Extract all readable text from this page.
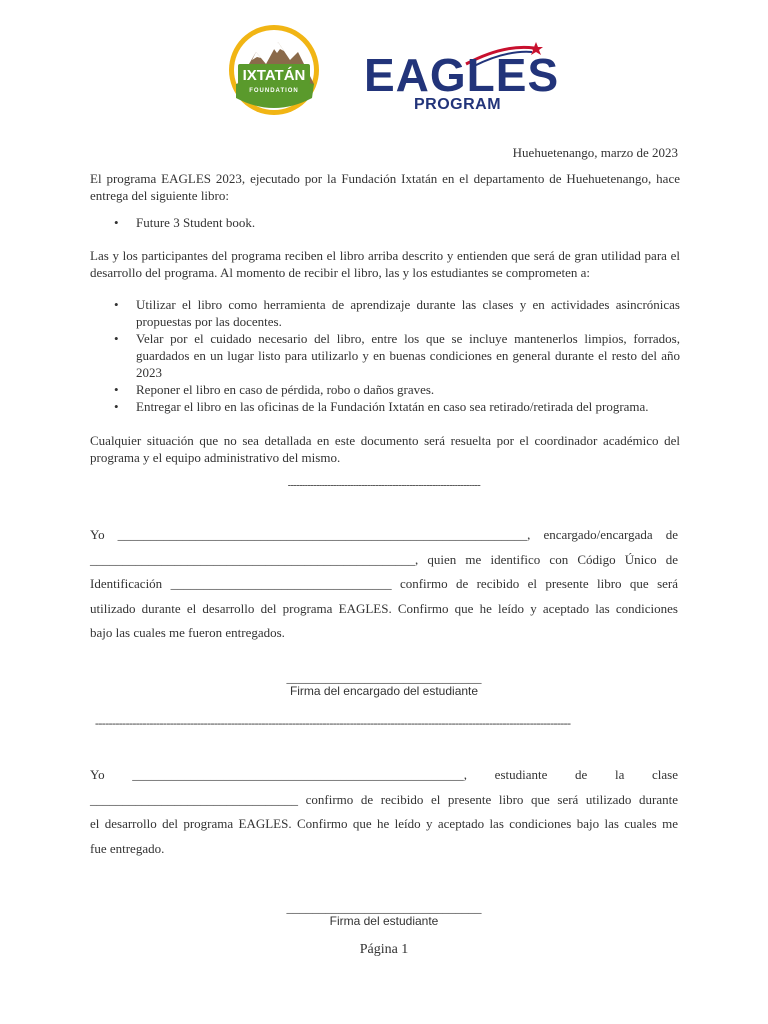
IXTATÁN
FOUNDATION EAGLES
PROGRAM
Huehuetenango, marzo de 2023
El programa EAGLES 2023, ejecutado por la Fundación Ixtatán en el departamento de Huehuetenango, hace entrega del siguiente libro:
• Future 3 Student book.
Las y los participantes del programa reciben el libro arriba descrito y entienden que será de gran utilidad para el desarrollo del programa. Al momento de recibir el libro, las y los estudiantes se comprometen a:
• Utilizar el libro como herramienta de aprendizaje durante las clases y en actividades asincrónicas propuestas por las docentes.
• Velar por el cuidado necesario del libro, entre los que se incluye mantenerlos limpios, forrados, guardados en un lugar listo para utilizarlo y en buenas condiciones en general durante el resto del año 2023
• Reponer el libro en caso de pérdida, robo o daños graves.
• Entregar el libro en las oficinas de la Fundación Ixtatán en caso sea retirado/retirada del programa.
Cualquier situación que no sea detallada en este documento será resuelta por el coordinador académico del programa y el equipo administrativo del mismo.
--------------------------------------------------------------------
Yo _______________________________________________________________, encargado/encargada de
__________________________________________________, quien me identifico con Código Único de
Identificación __________________________________ confirmo de recibido el presente libro que será
utilizado durante el desarrollo del programa EAGLES. Confirmo que he leído y aceptado las condiciones
bajo las cuales me fueron entregados.
______________________________
Firma del encargado del estudiante
--------------------------------------------------------------------------------------------------------------------------------------------
Yo ___________________________________________________, estudiante de la clase
________________________________ confirmo de recibido el presente libro que será utilizado durante
el desarrollo del programa EAGLES. Confirmo que he leído y aceptado las condiciones bajo las cuales me
fue entregado.
______________________________
Firma del estudiante
Página 1
